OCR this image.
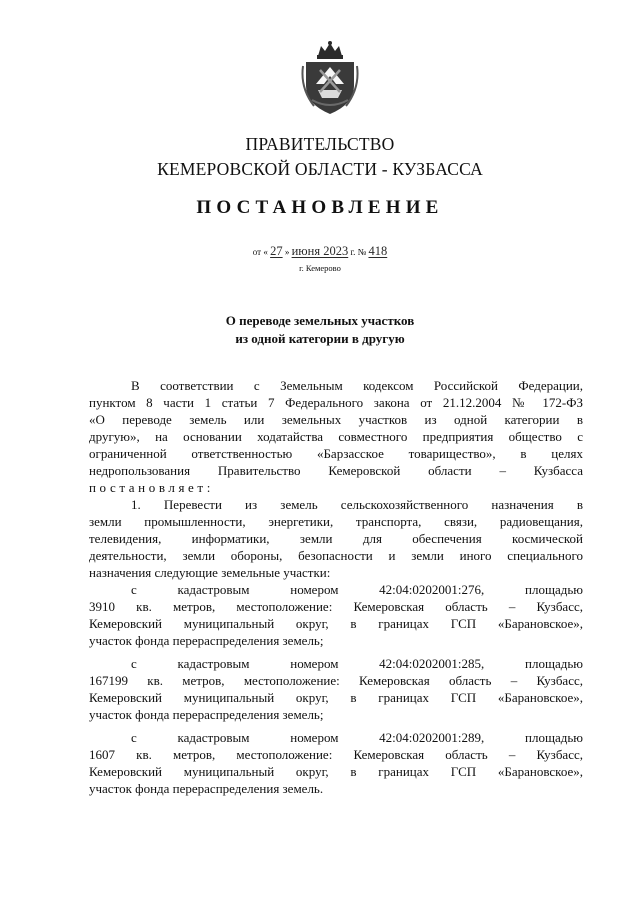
ПРАВИТЕЛЬСТВО
КЕМЕРОВСКОЙ ОБЛАСТИ - КУЗБАССА
ПОСТАНОВЛЕНИЕ
от « 27 » июня 2023 г. № 418
г. Кемерово
О переводе земельных участков
из одной категории в другую
В соответствии с Земельным кодексом Российской Федерации,
пунктом 8 части 1 статьи 7 Федерального закона от 21.12.2004 № 172-ФЗ
«О переводе земель или земельных участков из одной категории в
другую», на основании ходатайства совместного предприятия общество с
ограниченной ответственностью «Барзасское товарищество», в целях
недропользования Правительство Кемеровской области – Кузбасса
постановляет:
1. Перевести из земель сельскохозяйственного назначения в
земли промышленности, энергетики, транспорта, связи, радиовещания,
телевидения, информатики, земли для обеспечения космической
деятельности, земли обороны, безопасности и земли иного специального
назначения следующие земельные участки:
с кадастровым номером 42:04:0202001:276, площадью
3910 кв. метров, местоположение: Кемеровская область – Кузбасс,
Кемеровский муниципальный округ, в границах ГСП «Барановское»,
участок фонда перераспределения земель;
с кадастровым номером 42:04:0202001:285, площадью
167199 кв. метров, местоположение: Кемеровская область – Кузбасс,
Кемеровский муниципальный округ, в границах ГСП «Барановское»,
участок фонда перераспределения земель;
с кадастровым номером 42:04:0202001:289, площадью
1607 кв. метров, местоположение: Кемеровская область – Кузбасс,
Кемеровский муниципальный округ, в границах ГСП «Барановское»,
участок фонда перераспределения земель.
